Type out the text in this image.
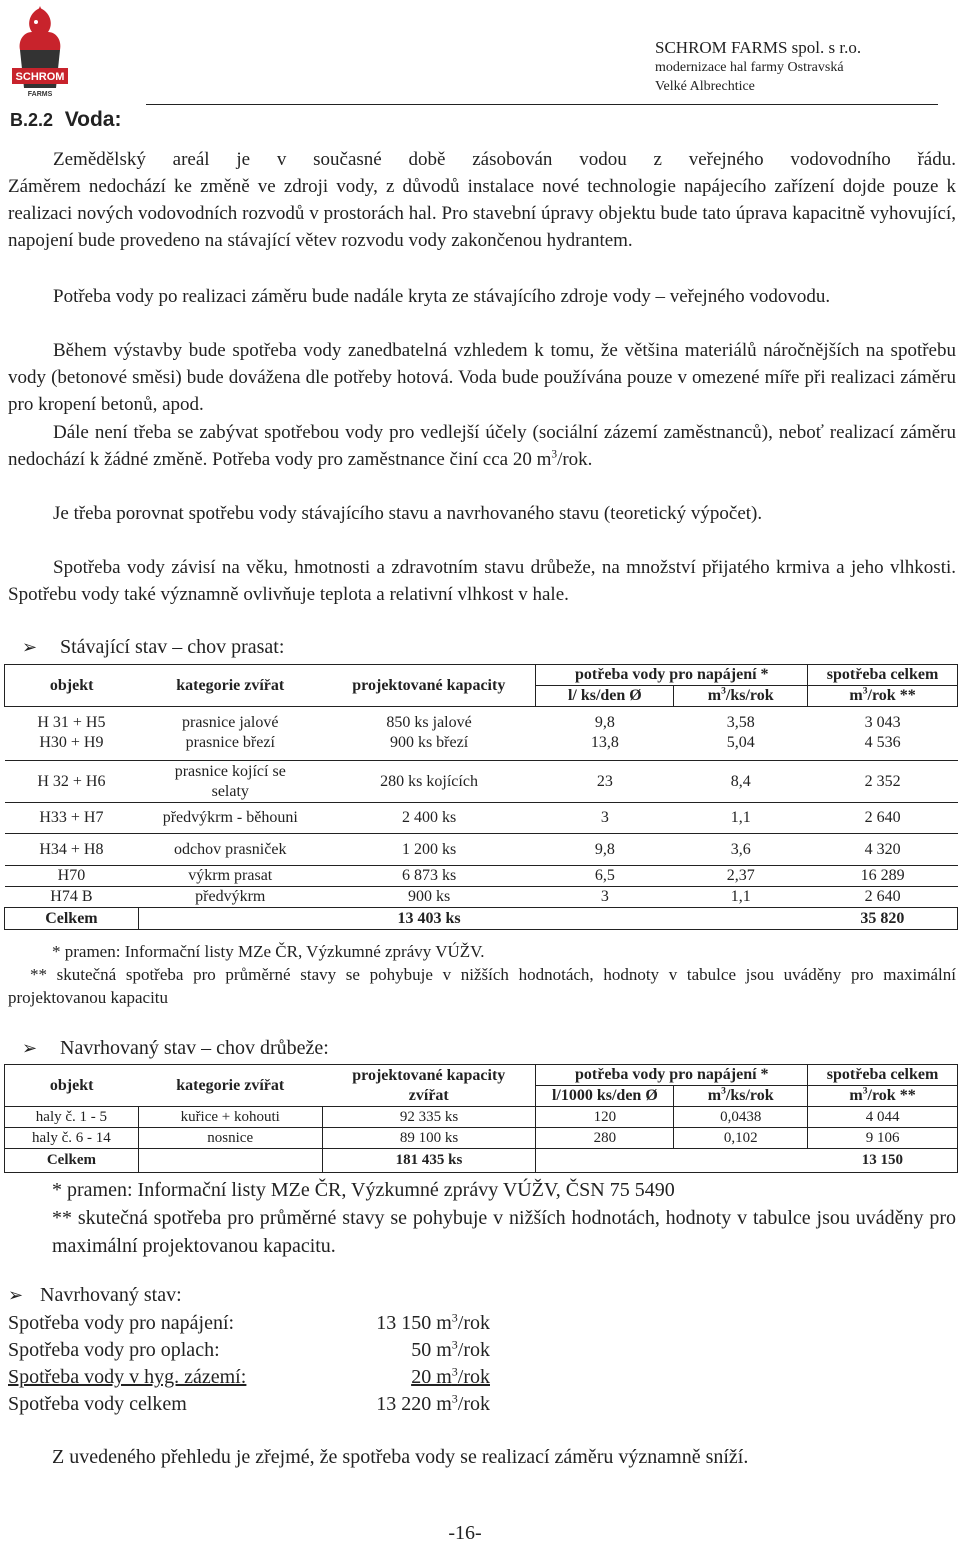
SCHROM
FARMS
SCHROM FARMS spol. s r.o.
modernizace hal farmy Ostravská
Velké Albrechtice
B.2.2 Voda:
Zemědělský areál je v současné době zásobován vodou z veřejného vodovodního řádu.
Záměrem nedochází ke změně ve zdroji vody, z důvodů instalace nové technologie napájecího zařízení dojde pouze k realizaci nových vodovodních rozvodů v prostorách hal. Pro stavební úpravy objektu bude tato úprava kapacitně vyhovující, napojení bude provedeno na stávající větev rozvodu vody zakončenou hydrantem.
Potřeba vody po realizaci záměru bude nadále kryta ze stávajícího zdroje vody – veřejného vodovodu.
Během výstavby bude spotřeba vody zanedbatelná vzhledem k tomu, že většina materiálů náročnějších na spotřebu vody (betonové směsi) bude dovážena dle potřeby hotová. Voda bude používána pouze v omezené míře při realizaci záměru pro kropení betonů, apod.
Dále není třeba se zabývat spotřebou vody pro vedlejší účely (sociální zázemí zaměstnanců), neboť realizací záměru nedochází k žádné změně. Potřeba vody pro zaměstnance činí cca 20 $m^3$/rok.
Je třeba porovnat spotřebu vody stávajícího stavu a navrhovaného stavu (teoretický výpočet).
Spotřeba vody závisí na věku, hmotnosti a zdravotním stavu drůbeže, na množství přijatého krmiva a jeho vlhkosti. Spotřebu vody také významně ovlivňuje teplota a relativní vlhkost v hale.
➢ Stávající stav – chov prasat:
objekt	kategorie zvířat	projektované kapacity	potřeba vody pro napájení *		spotřeba celkem
			l/ ks/den Ø	$m^3/ks$/rok	$m^3$/rok **

H 31 + H5	prasnice jalové	850 ks jalové	9,8	3,58	3 043
H30 + H9	prasnice březí	900 ks březí	13,8	5,04	4 536

H 32 + H6	prasnice kojící se selaty	280 ks kojících	23	8,4	2 352
H33 + H7	předvýkrm - běhouni	2 400 ks	3	1,1	2 640
H34 + H8	odchov prasniček	1 200 ks	9,8	3,6	4 320
H70	výkrm prasat	6 873 ks	6,5	2,37	16 289
H74 B	předvýkrm	900 ks	3	1,1	2 640
Celkem		13 403 ks			35 820
* pramen: Informační listy MZe ČR, Výzkumné zprávy VÚŽV.
** skutečná spotřeba pro průměrné stavy se pohybuje v nižších hodnotách, hodnoty v tabulce jsou uváděny pro maximální projektovanou kapacitu
➢ Navrhovaný stav – chov drůbeže:
objekt	kategorie zvířat	projektované kapacity zvířat	potřeba vody pro napájení *		spotřeba celkem
			l/1000 ks/den Ø	$m^3/ks$/rok	$m^3$/rok **
haly č. 1 - 5	kuřice + kohouti	92 335 ks	120	0,0438	4 044
haly č. 6 - 14	nosnice	89 100 ks	280	0,102	9 106
Celkem		181 435 ks			13 150
* pramen: Informační listy MZe ČR, Výzkumné zprávy VÚŽV, ČSN 75 5490
** skutečná spotřeba pro průměrné stavy se pohybuje v nižších hodnotách, hodnoty v tabulce jsou uváděny pro maximální projektovanou kapacitu.
➢ Navrhovaný stav:
Spotřeba vody pro napájení:	13 150 $m^3$/rok
Spotřeba vody pro oplach:	50 $m^3$/rok
Spotřeba vody v hyg. zázemí:	20 $m^3$/rok
Spotřeba vody celkem	13 220 $m^3$/rok
Z uvedeného přehledu je zřejmé, že spotřeba vody se realizací záměru významně sníží.
-16-
